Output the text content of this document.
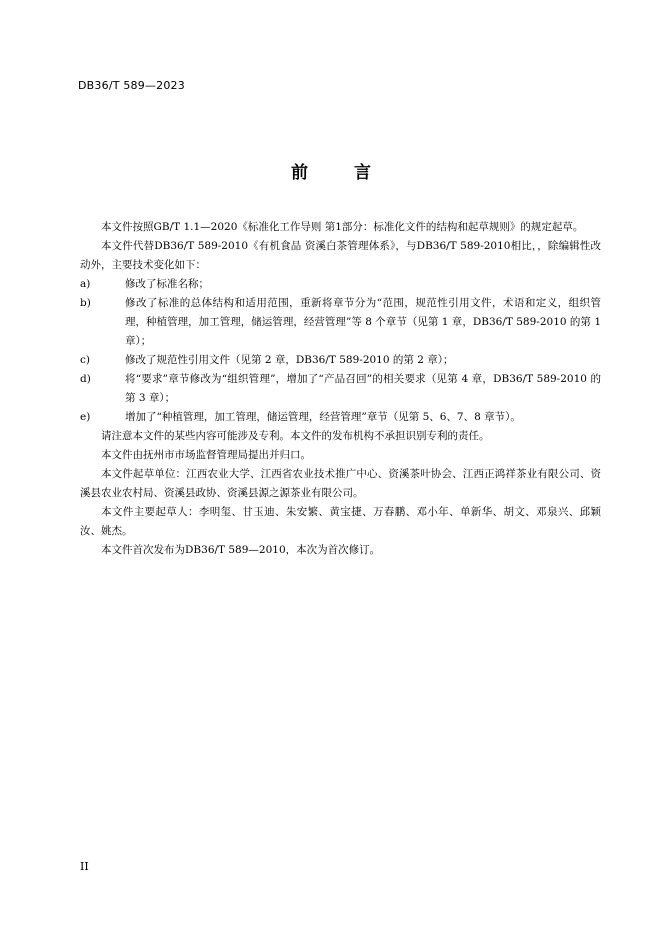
DB36/T 589—2023
前	言

本文件按照GB/T 1.1—2020《标准化工作导则 第1部分：标准化文件的结构和起草规则》的规定起草。

本文件代替DB36/T 589-2010《有机食品 资溪白茶管理体系》，与DB36/T 589-2010相比，，除编辑性改动外，主要技术变化如下：

a)	修改了标准名称；
b)	修改了标准的总体结构和适用范围，重新将章节分为“范围，规范性引用文件，术语和定义，组织管理，种植管理，加工管理，储运管理，经营管理”等 8 个章节（见第 1 章，DB36/T 589-2010 的第 1 章）；
c)	修改了规范性引用文件（见第 2 章，DB36/T 589-2010 的第 2 章）；
d)	将“要求”章节修改为“组织管理”，增加了“产品召回”的相关要求（见第 4 章，DB36/T 589-2010 的第 3 章）；
e)	增加了“种植管理，加工管理，储运管理，经营管理”章节（见第 5、6、7、8 章节）。

请注意本文件的某些内容可能涉及专利。本文件的发布机构不承担识别专利的责任。

本文件由抚州市市场监督管理局提出并归口。

本文件起草单位：江西农业大学、江西省农业技术推广中心、资溪茶叶协会、江西正鸿祥茶业有限公司、资溪县农业农村局、资溪县政协、资溪县源之源茶业有限公司。

本文件主要起草人：李明玺、甘玉迪、朱安繁、黄宝捷、万春鹏、邓小年、单新华、胡文、邓泉兴、邱颖汝、姚杰。

本文件首次发布为DB36/T 589—2010，本次为首次修订。

II
